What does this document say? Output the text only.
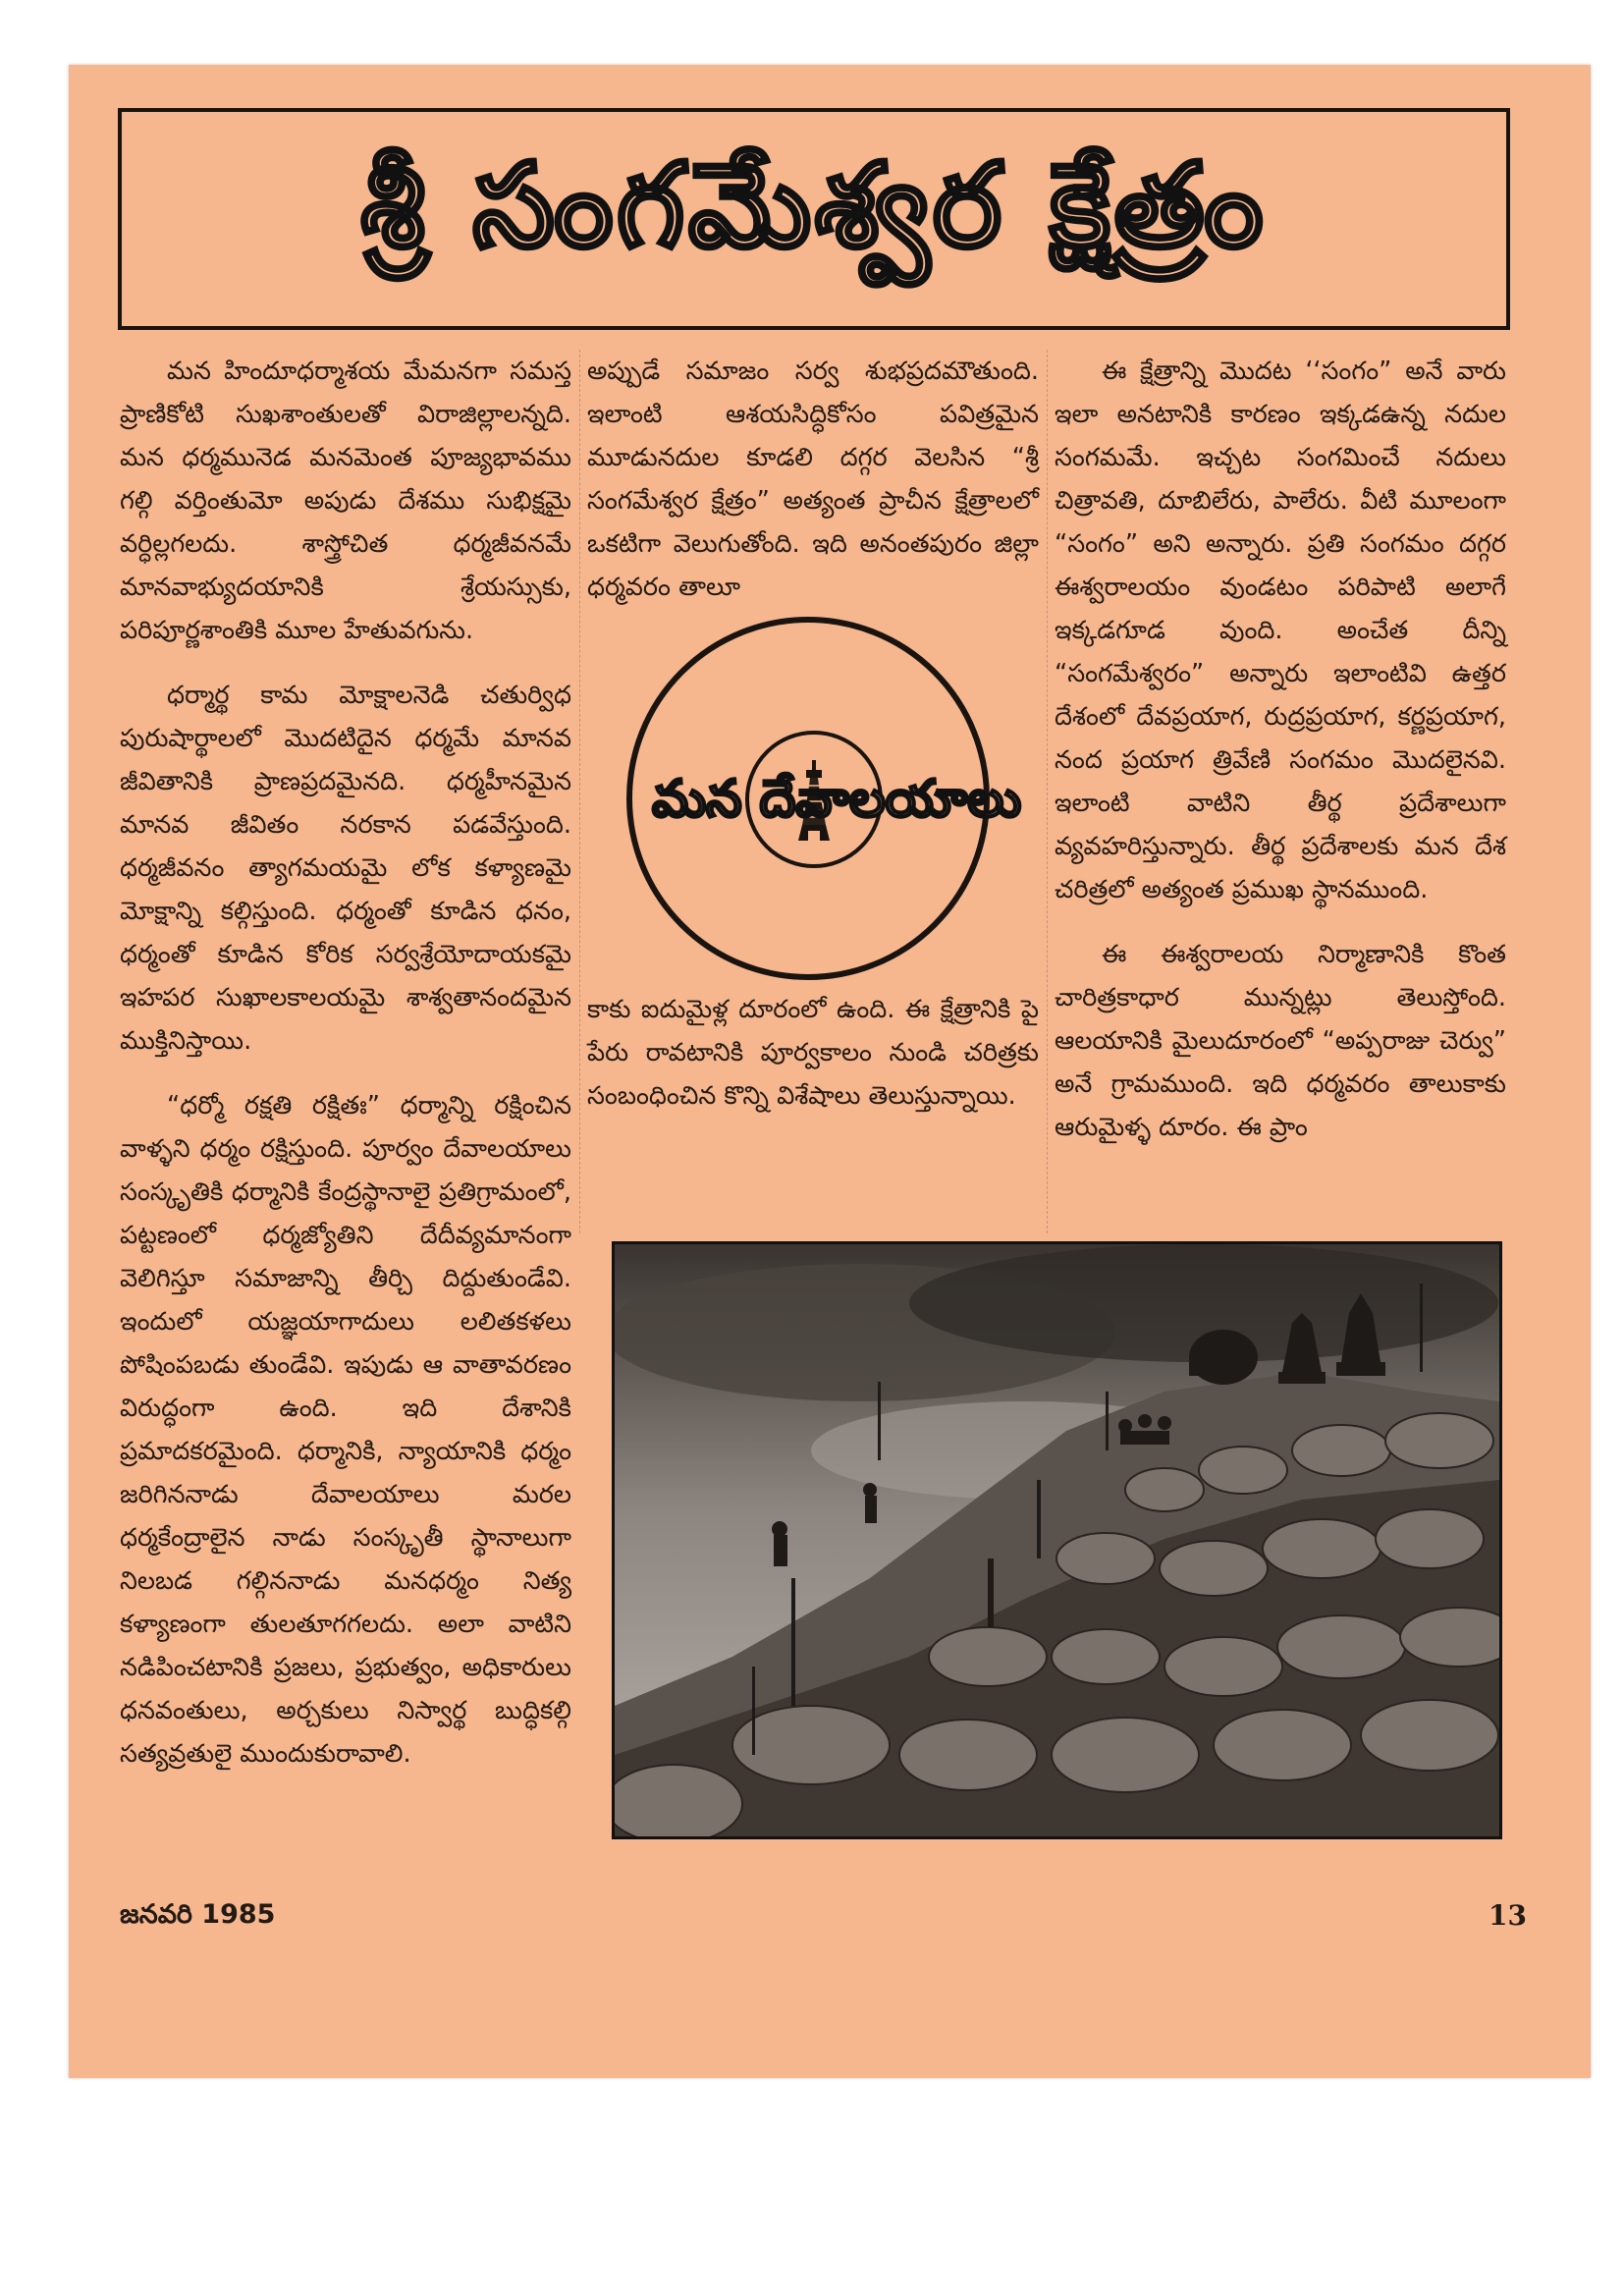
శ్రీ సంగమేశ్వర క్షేత్రం

మన హిందూధర్మాశయ మేమనగా సమస్త ప్రాణికోటి సుఖశాంతులతో విరాజిల్లాలన్నది. మన ధర్మమునెడ మనమెంత పూజ్యభావము గల్గి వర్తింతుమో అపుడు దేశము సుభిక్షమై వర్ధిల్లగలదు. శాస్త్రోచిత ధర్మజీవనమే మానవాభ్యుదయానికి శ్రేయస్సుకు, పరిపూర్ణశాంతికి మూల హేతువగును.

ధర్మార్థ కామ మోక్షాలనెడి చతుర్విధ పురుషార్థాలలో మొదటిదైన ధర్మమే మానవ జీవితానికి ప్రాణప్రదమైనది. ధర్మహీనమైన మానవ జీవితం నరకాన పడవేస్తుంది. ధర్మజీవనం త్యాగమయమై లోక కళ్యాణమై మోక్షాన్ని కల్గిస్తుంది. ధర్మంతో కూడిన ధనం, ధర్మంతో కూడిన కోరిక సర్వశ్రేయోదాయకమై ఇహపర సుఖాలకాలయమై శాశ్వతానందమైన ముక్తినిస్తాయి.

“ధర్మో రక్షతి రక్షితః” ధర్మాన్ని రక్షించిన వాళ్ళని ధర్మం రక్షిస్తుంది. పూర్వం దేవాలయాలు సంస్కృతికి ధర్మానికి కేంద్రస్థానాలై ప్రతిగ్రామంలో, పట్టణంలో ధర్మజ్యోతిని దేదీవ్యమానంగా వెలిగిస్తూ సమాజాన్ని తీర్చి దిద్దుతుండేవి. ఇందులో యజ్ఞయాగాదులు లలితకళలు పోషింపబడు తుండేవి. ఇపుడు ఆ వాతావరణం విరుద్ధంగా ఉంది. ఇది దేశానికి ప్రమాదకరమైంది. ధర్మానికి, న్యాయానికి ధర్మం జరిగిననాడు దేవాలయాలు మరల ధర్మకేంద్రాలైన నాడు సంస్కృతీ స్థానాలుగా నిలబడ గల్గిననాడు మనధర్మం నిత్య కళ్యాణంగా తులతూగగలదు. అలా వాటిని నడిపించటానికి ప్రజలు, ప్రభుత్వం, అధికారులు ధనవంతులు, అర్చకులు నిస్వార్థ బుద్ధికల్గి సత్యవ్రతులై ముందుకురావాలి.

అప్పుడే సమాజం సర్వ శుభప్రదమౌతుంది. ఇలాంటి ఆశయసిద్ధికోసం పవిత్రమైన మూడునదుల కూడలి దగ్గర వెలసిన “శ్రీ సంగమేశ్వర క్షేత్రం” అత్యంత ప్రాచీన క్షేత్రాలలో ఒకటిగా వెలుగుతోంది. ఇది అనంతపురం జిల్లా ధర్మవరం తాలూ

మన దేవాలయాలు

కాకు ఐదుమైళ్ల దూరంలో ఉంది. ఈ క్షేత్రానికి పై పేరు రావటానికి పూర్వకాలం నుండి చరిత్రకు సంబంధించిన కొన్ని విశేషాలు తెలుస్తున్నాయి.

ఈ క్షేత్రాన్ని మొదట ‘‘సంగం” అనే వారు ఇలా అనటానికి కారణం ఇక్కడఉన్న నదుల సంగమమే. ఇచ్చట సంగమించే నదులు చిత్రావతి, దూబిలేరు, పాలేరు. వీటి మూలంగా “సంగం” అని అన్నారు. ప్రతి సంగమం దగ్గర ఈశ్వరాలయం వుండటం పరిపాటి అలాగే ఇక్కడగూడ వుంది. అంచేత దీన్ని “సంగమేశ్వరం” అన్నారు ఇలాంటివి ఉత్తర దేశంలో దేవప్రయాగ, రుద్రప్రయాగ, కర్ణప్రయాగ, నంద ప్రయాగ త్రివేణి సంగమం మొదలైనవి. ఇలాంటి వాటిని తీర్థ ప్రదేశాలుగా వ్యవహరిస్తున్నారు. తీర్థ ప్రదేశాలకు మన దేశ చరిత్రలో అత్యంత ప్రముఖ స్థానముంది.

ఈ ఈశ్వరాలయ నిర్మాణానికి కొంత చారిత్రకాధార మున్నట్లు తెలుస్తోంది. ఆలయానికి మైలుదూరంలో “అప్పరాజు చెర్వు” అనే గ్రామముంది. ఇది ధర్మవరం తాలుకాకు ఆరుమైళ్ళ దూరం. ఈ ప్రాం

జనవరి 1985	13
